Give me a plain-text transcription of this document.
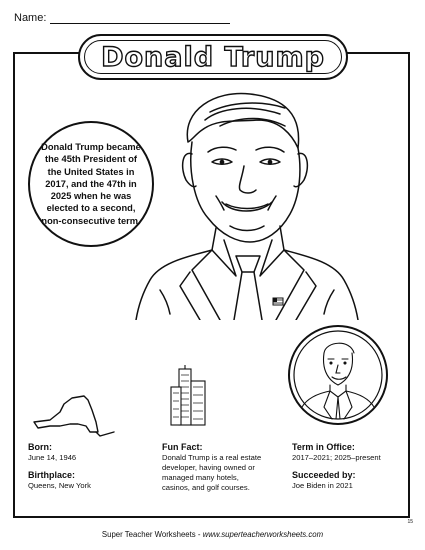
Name:
Donald Trump
Donald Trump became the 45th President of the United States in 2017, and the 47th in 2025 when he was elected to a second, non-consecutive term.
Born:
June 14, 1946
Birthplace:
Queens, New York
Fun Fact:
Donald Trump is a real estate developer, having owned or managed many hotels, casinos, and golf courses.
Term in Office:
2017–2021; 2025–present
Succeeded by:
Joe Biden in 2021
Super Teacher Worksheets - www.superteacherworksheets.com
15
